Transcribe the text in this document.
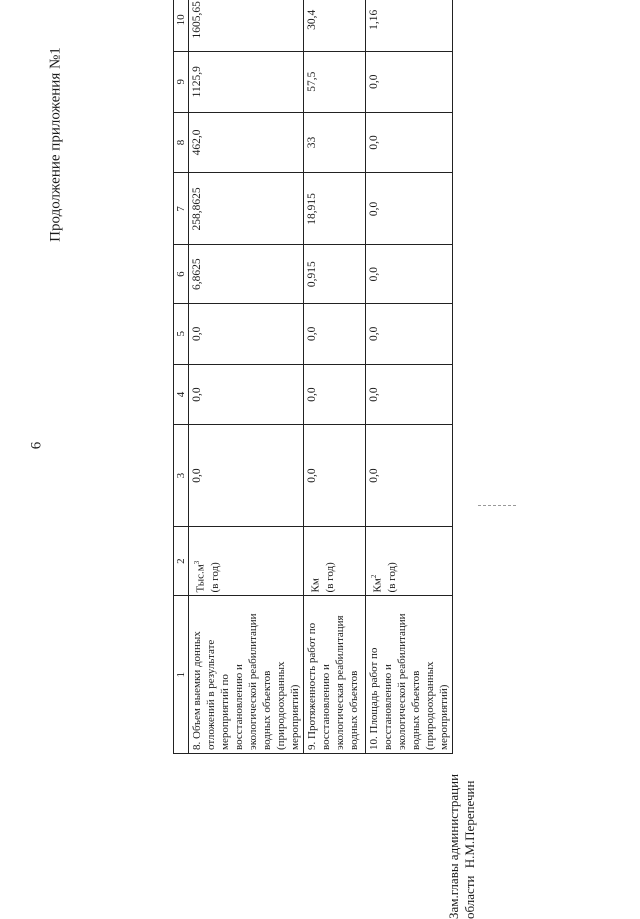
6
Продолжение приложения №1
1	2	3	4	5	6	7	8	9	10	
8. Объем выемки донных отложений в результате мероприятий по восстановлению и экологической реабилитации водных объектов (природоохранных мероприятий)	$Тыс.м^3$ (в год)	0,0	0,0	0,0	6,8625	258,8625	462,0	1125,9	1605,65	
9. Протяженность работ по восстановлению и экологическая реабилитация водных объектов	Км (в год)	0,0	0,0	0,0	0,915	18,915	33	57,5	30,4	
10. Площадь работ по восстановлению и экологической реабилитации водных объектов (природоохранных мероприятий)	$Км^2$ (в год)	0,0	0,0	0,0	0,0	0,0	0,0	0,0	1,16	
Зам.главы администрации области Н.М.Перепечин
